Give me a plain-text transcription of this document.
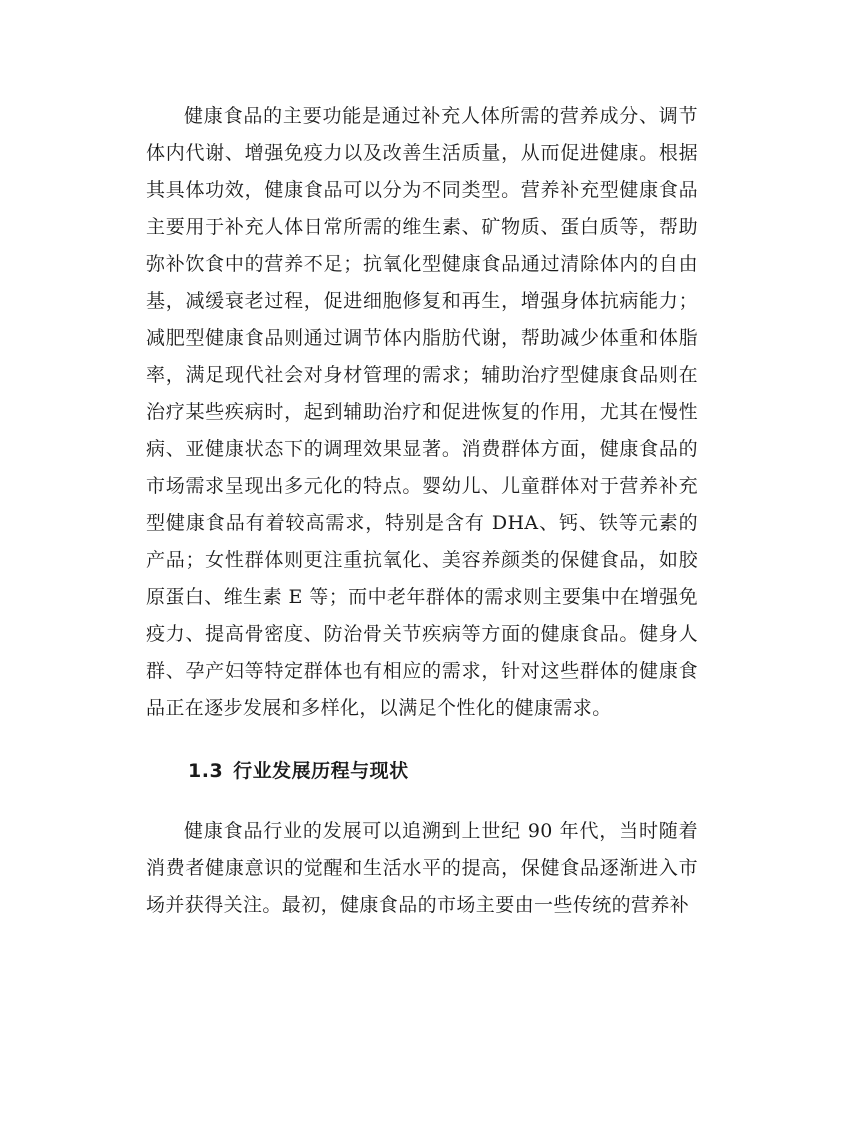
健康食品的主要功能是通过补充人体所需的营养成分、调节体内代谢、增强免疫力以及改善生活质量，从而促进健康。根据其具体功效，健康食品可以分为不同类型。营养补充型健康食品主要用于补充人体日常所需的维生素、矿物质、蛋白质等，帮助弥补饮食中的营养不足；抗氧化型健康食品通过清除体内的自由基，减缓衰老过程，促进细胞修复和再生，增强身体抗病能力；减肥型健康食品则通过调节体内脂肪代谢，帮助减少体重和体脂率，满足现代社会对身材管理的需求；辅助治疗型健康食品则在治疗某些疾病时，起到辅助治疗和促进恢复的作用，尤其在慢性病、亚健康状态下的调理效果显著。消费群体方面，健康食品的市场需求呈现出多元化的特点。婴幼儿、儿童群体对于营养补充型健康食品有着较高需求，特别是含有 DHA、钙、铁等元素的产品；女性群体则更注重抗氧化、美容养颜类的保健食品，如胶原蛋白、维生素 E 等；而中老年群体的需求则主要集中在增强免疫力、提高骨密度、防治骨关节疾病等方面的健康食品。健身人群、孕产妇等特定群体也有相应的需求，针对这些群体的健康食品正在逐步发展和多样化，以满足个性化的健康需求。

1.3 行业发展历程与现状

健康食品行业的发展可以追溯到上世纪 90 年代，当时随着消费者健康意识的觉醒和生活水平的提高，保健食品逐渐进入市场并获得关注。最初，健康食品的市场主要由一些传统的营养补
